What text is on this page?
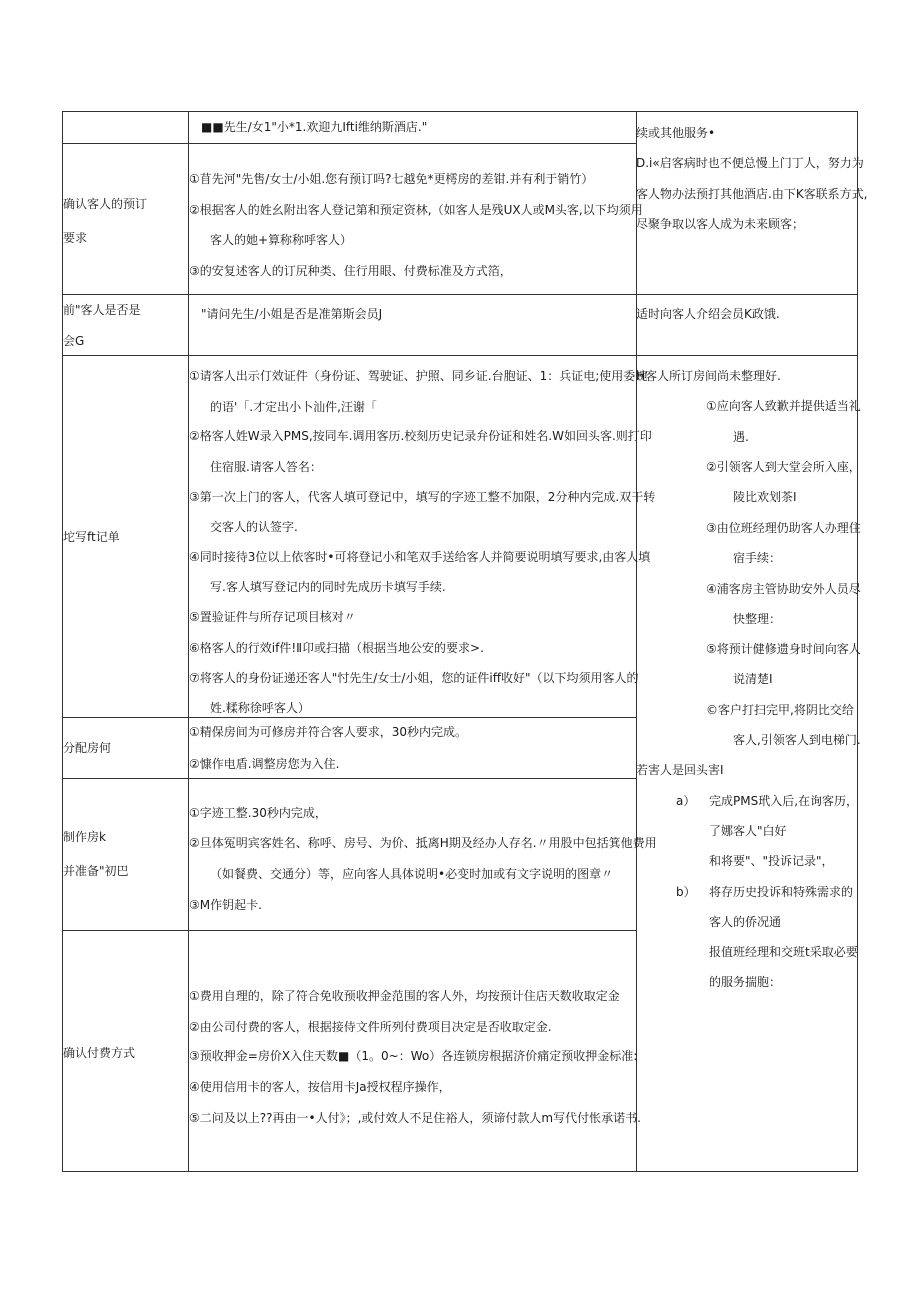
■■先生/女1"小*1.欢迎九Ifti维纳斯酒店."	续或其他服务•
D.i«启客病时也不便总慢上门丁人，努力为
客人物办法预打其他酒店.由下K客联系方式,
尽聚争取以客人成为未来顾客；
确认客人的预订
要求
①苜先河"先售/女士/小姐.您有预订吗?七越免*更樗房的差钳.并有利于销竹）
②根据客人的姓幺附出客人登记第和预定资林,（如客人是残UX人或M头客,以下均须用
客人的她+算称称呼客人）
③的安复述客人的订尻种类、住行用眼、付费标准及方式箔，
前"客人是否是
会G
"请问先生/小姐是否是准第斯会员J	适时向客人介绍会员K政饿.
坨写ft记单
①请客人出示仃效证件（身份证、驾驶证、护照、同乡证.台胞证、1：兵证电;使用委婉
的语'「.才定出小卜汕件,汪谢「
②格客人姓W录入PMS,按同车.调用客历.校刻历史记录弁份证和姓名.W如回头客.则打印
住宿服.请客人答名：
③第一次上门的客人，代客人填可登记中，填写的字迹工整不加限，2分种内完成.双干转
交客人的认签字.
④同时接待3位以上依客时•可将登记小和笔双手送给客人并简要说明填写要求,由客人填
写.客人填写登记内的同时先成历卡填写手续.
⑤置验证件与所存记项目核对〃
⑥格客人的行效if件!Ⅱ卬或扫描（根据当地公安的要求>.
⑦将客人的身份证递还客人"忖先生/女士/小姐，您的证件iff收好"（以下均须用客人的
姓.糅称徐呼客人）
H客人所订房间尚未整理好.
①应向客人致歉并提供适当礼
遇.
②引领客人到大堂会所入座，
陵比欢划茶I
③由位班经理仍助客人办理住
宿手续：
④浦客房主管协助安外人员尽
快整理：
⑤将预计健修遗身时间向客人
说清楚I
©客户打扫完甲,将阴比交给
客人,引领客人到电梯门.
若害人是回头害I
a） 完成PMS玳入后,在询客历，
了娜客人"白好
和将要"、"投诉记录"，
b） 将存历史投诉和特殊需求的
客人的侨况通
报值班经理和交班t采取必要
的服务揣胞：
分配房何
①精保房间为可修房并符合客人要求，30秒内完成。
②慷作电盾.调整房您为入住.
制作房k
并准备"初巴
①字迹工整.30秒内完成，
②旦体冤明宾客姓名、称呼、房号、为价、抵离H期及经办人存名.〃用股中包括箕他费用
（如餐费、交通分）等，应向客人具体说明•必变时加或有文字说明的图章〃
③M作钥起卡.
确认付费方式
①费用自理的，除了符合免收预收押金范围的客人外，均按预计住店天数收取定金
②由公司付费的客人，根据接侍文件所列付费项目决定是否收取定金.
③预收押金=房价X入住天数■（1。0~：Wo）各连锁房根据济价痛定预收押金标准:
④使用信用卡的客人，按信用卡Ja授权程序操作，
⑤二问及以上??再由一•人付》；,或付效人不足住裕人，须谛付款人m写代付怅承诺书.
